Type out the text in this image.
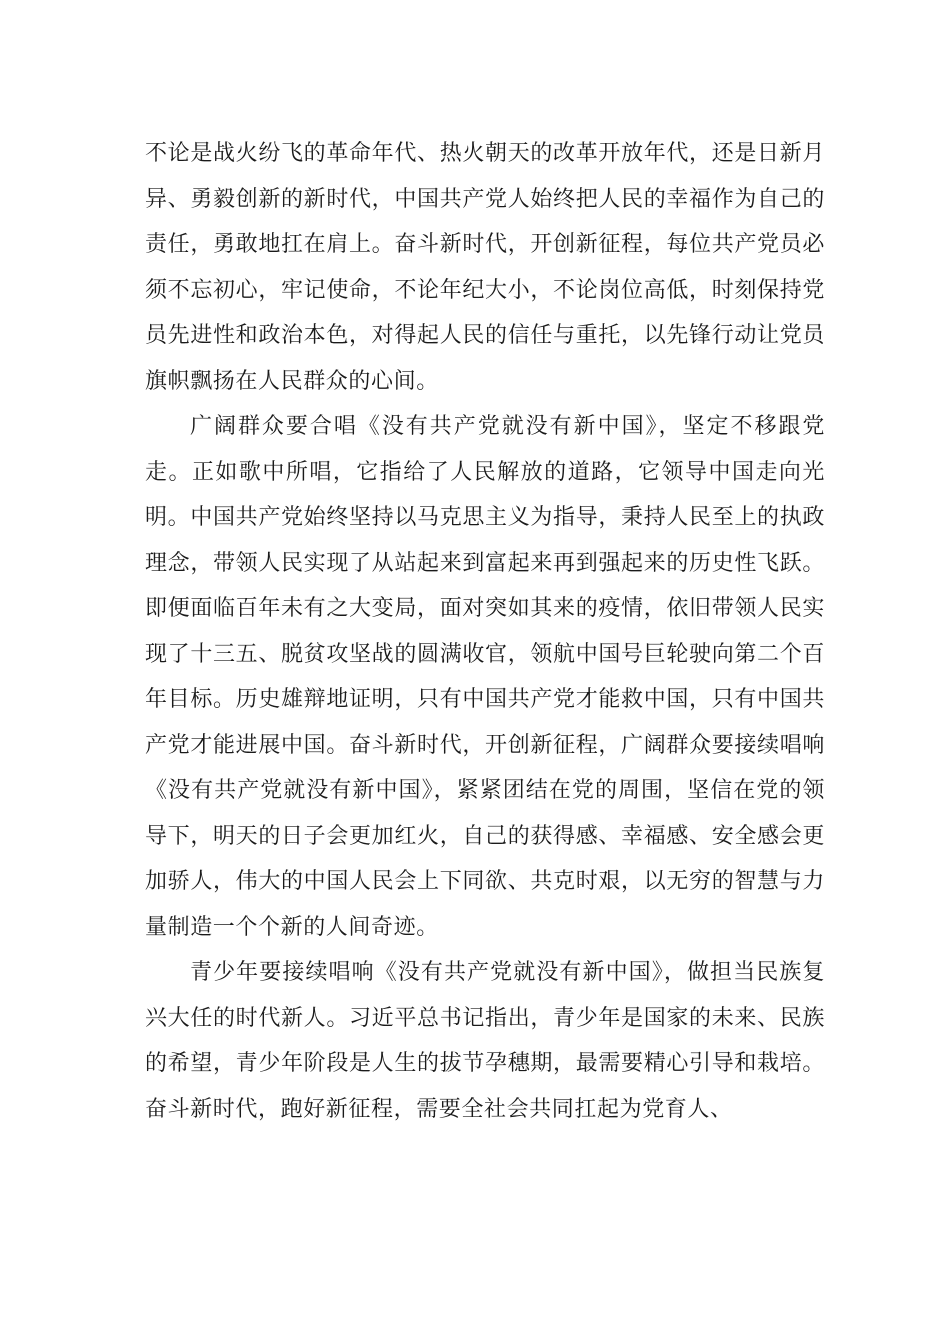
不论是战火纷飞的革命年代、热火朝天的改革开放年代，还是日新月异、勇毅创新的新时代，中国共产党人始终把人民的幸福作为自己的责任，勇敢地扛在肩上。奋斗新时代，开创新征程，每位共产党员必须不忘初心，牢记使命，不论年纪大小，不论岗位高低，时刻保持党员先进性和政治本色，对得起人民的信任与重托，以先锋行动让党员旗帜飘扬在人民群众的心间。

广阔群众要合唱《没有共产党就没有新中国》，坚定不移跟党走。正如歌中所唱，它指给了人民解放的道路，它领导中国走向光明。中国共产党始终坚持以马克思主义为指导，秉持人民至上的执政理念，带领人民实现了从站起来到富起来再到强起来的历史性飞跃。即便面临百年未有之大变局，面对突如其来的疫情，依旧带领人民实现了十三五、脱贫攻坚战的圆满收官，领航中国号巨轮驶向第二个百年目标。历史雄辩地证明，只有中国共产党才能救中国，只有中国共产党才能进展中国。奋斗新时代，开创新征程，广阔群众要接续唱响《没有共产党就没有新中国》，紧紧团结在党的周围，坚信在党的领导下，明天的日子会更加红火，自己的获得感、幸福感、安全感会更加骄人，伟大的中国人民会上下同欲、共克时艰，以无穷的智慧与力量制造一个个新的人间奇迹。

青少年要接续唱响《没有共产党就没有新中国》，做担当民族复兴大任的时代新人。习近平总书记指出，青少年是国家的未来、民族的希望，青少年阶段是人生的拔节孕穗期，最需要精心引导和栽培。奋斗新时代，跑好新征程，需要全社会共同扛起为党育人、
